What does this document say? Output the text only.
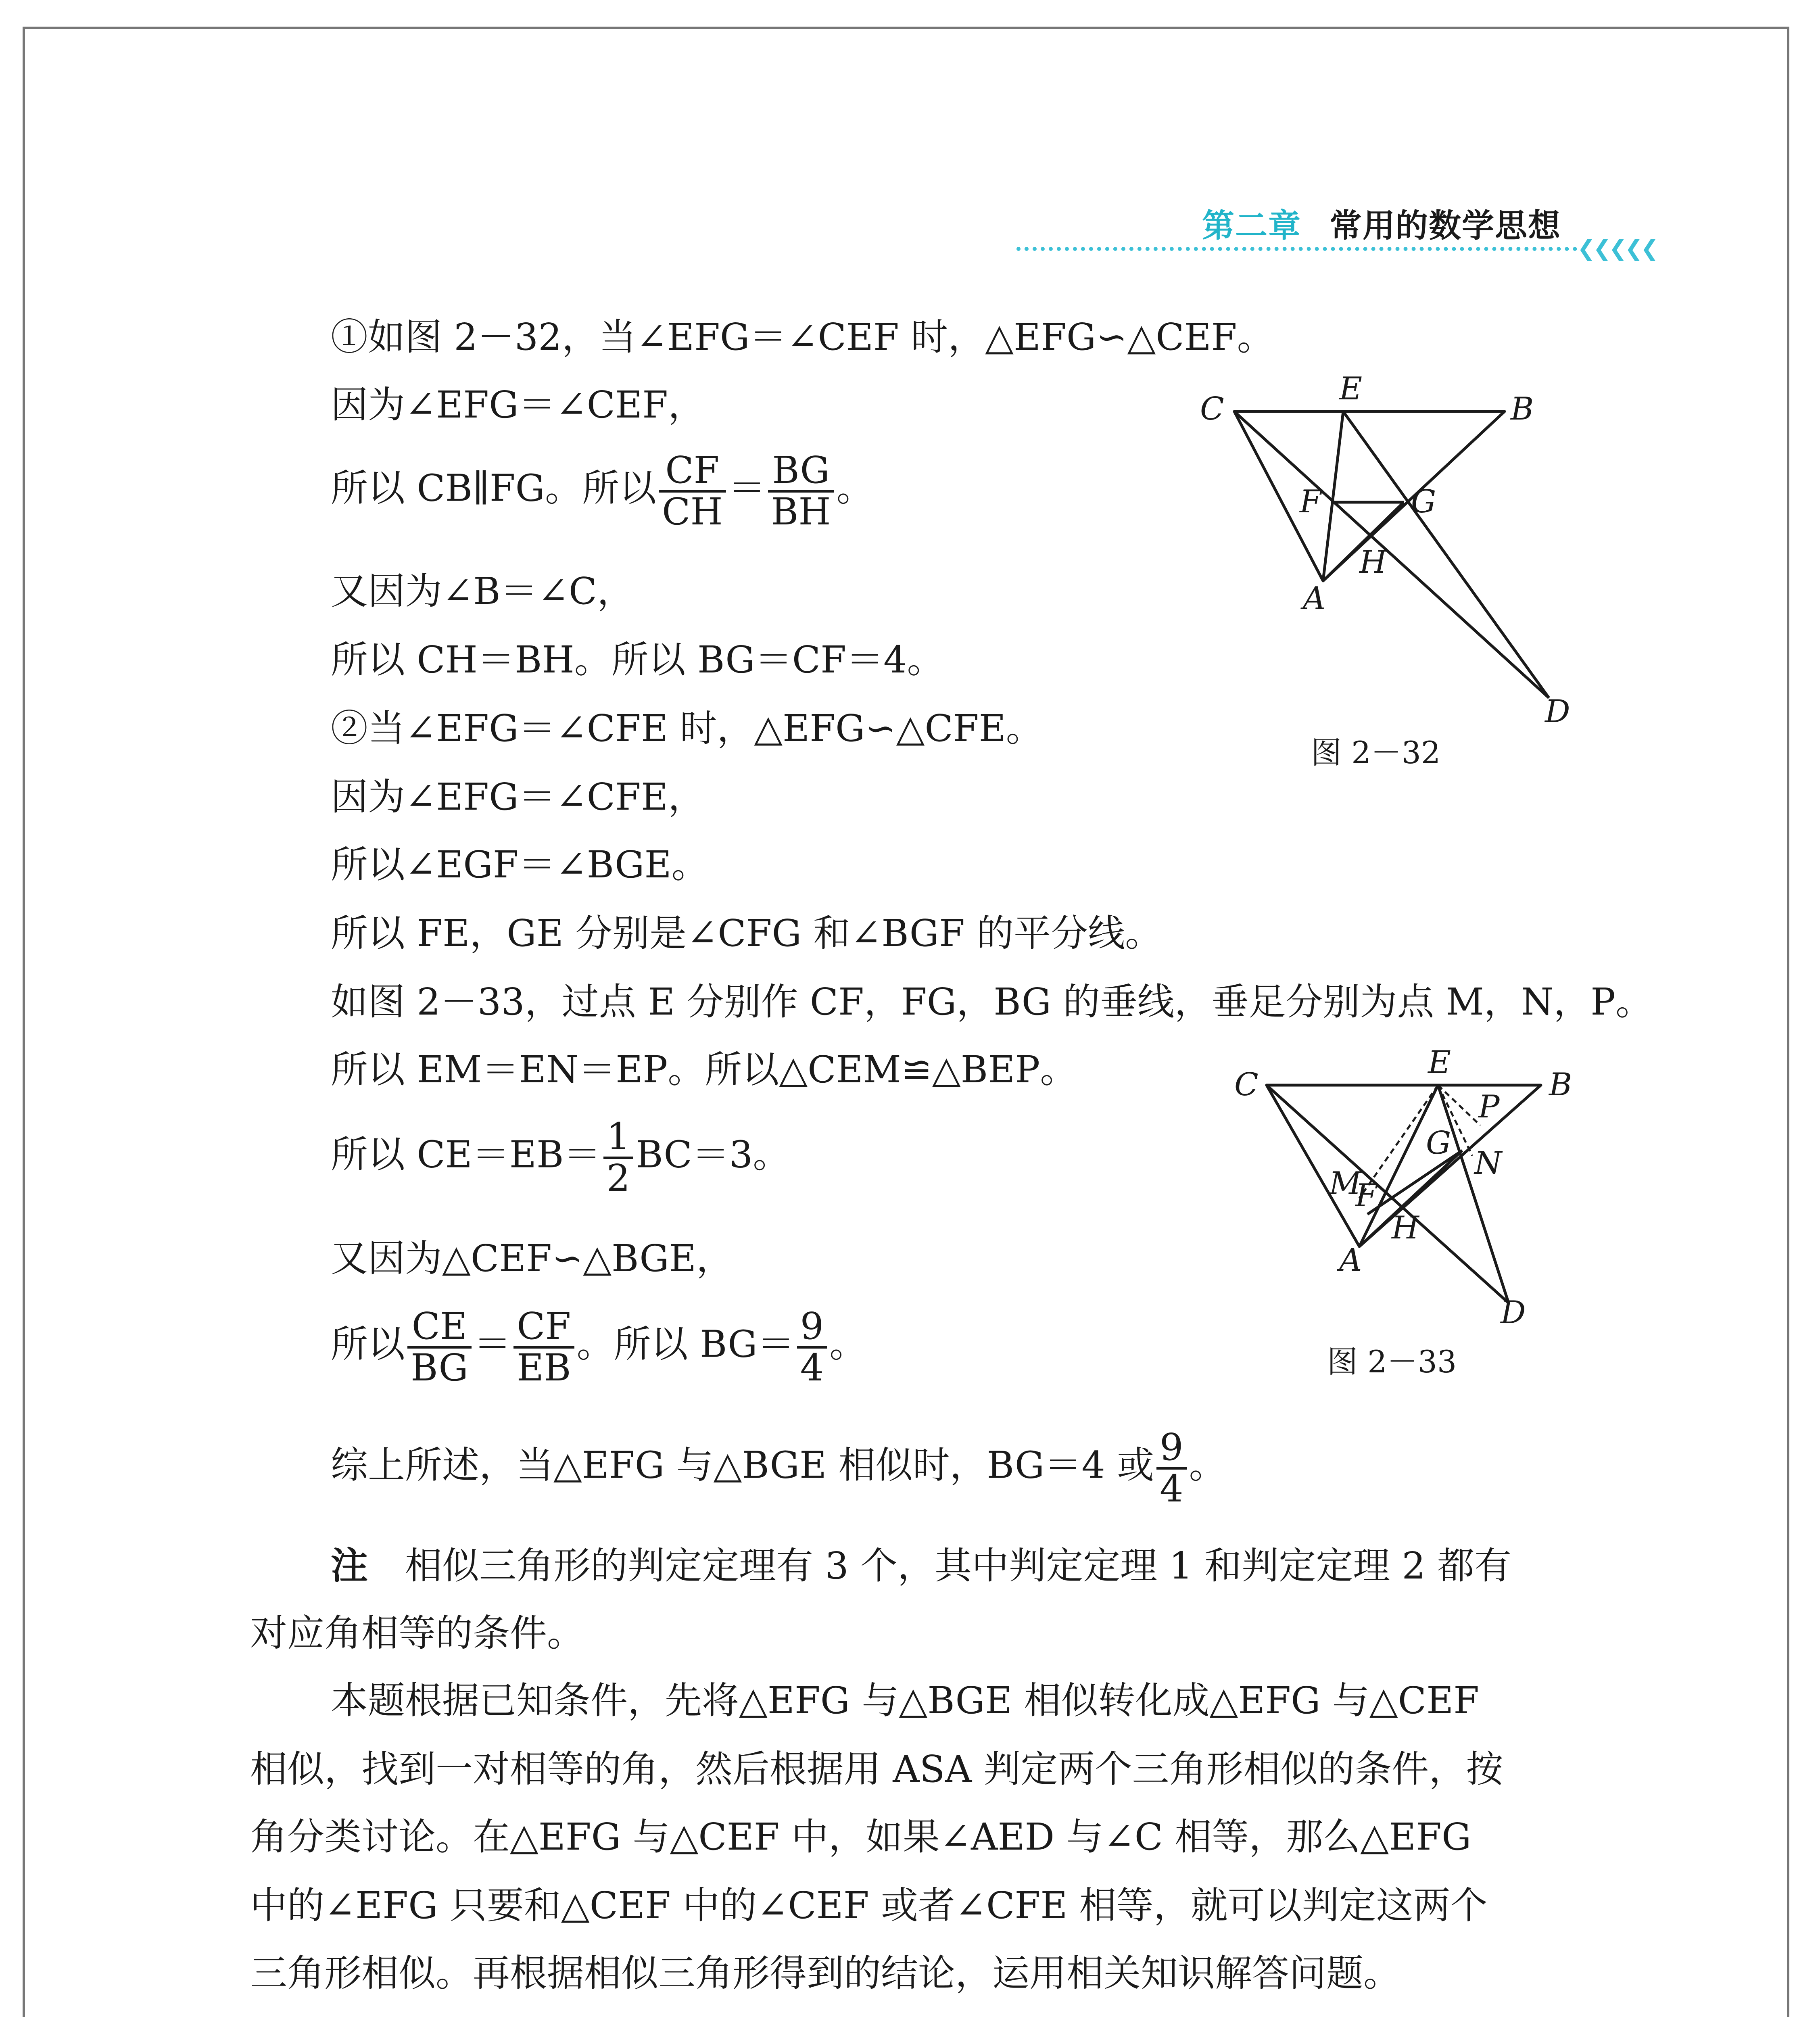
第二章 常用的数学思想
❮❮❮❮❮
①如图 2－32，当∠EFG＝∠CEF 时，△EFG∽△CEF。
因为∠EFG＝∠CEF，
所以 CB∥FG。所以 $\frac{CF}{CH} = \frac{BG}{BH}$ 。
又因为∠B＝∠C，
所以 CH＝BH。所以 BG＝CF＝4。
②当∠EFG＝∠CFE 时，△EFG∽△CFE。
因为∠EFG＝∠CFE，
所以∠EGF＝∠BGE。
所以 FE，GE 分别是∠CFG 和∠BGF 的平分线。
如图 2－33，过点 E 分别作 CF，FG，BG 的垂线，垂足分别为点 M，N，P。
所以 EM＝EN＝EP。所以△CEM≌△BEP。
所以 $CE=EB= \frac{1}{2} BC=3$。
又因为△CEF∽△BGE，
所以 $\frac{CE}{BG} = \frac{CF}{EB}$ 。所以 $BG= \frac{9}{4}$ 。
综上所述，当△EFG 与△BGE 相似时，BG＝4 或 $\frac{9}{4}$ 。
注　 相似三角形的判定定理有 3 个，其中判定定理 1 和判定定理 2 都有
对应角相等的条件。
本题根据已知条件，先将△EFG 与△BGE 相似转化成△EFG 与△CEF
相似，找到一对相等的角，然后根据用 ASA 判定两个三角形相似的条件，按
角分类讨论。在△EFG 与△CEF 中，如果∠AED 与∠C 相等，那么△EFG
中的∠EFG 只要和△CEF 中的∠CEF 或者∠CFE 相等，就可以判定这两个
三角形相似。再根据相似三角形得到的结论，运用相关知识解答问题。
C
E
B
F	G
H
A
D
图 2－32
C
E
B
P
G
N
M
F
H
A
D
图 2－33
